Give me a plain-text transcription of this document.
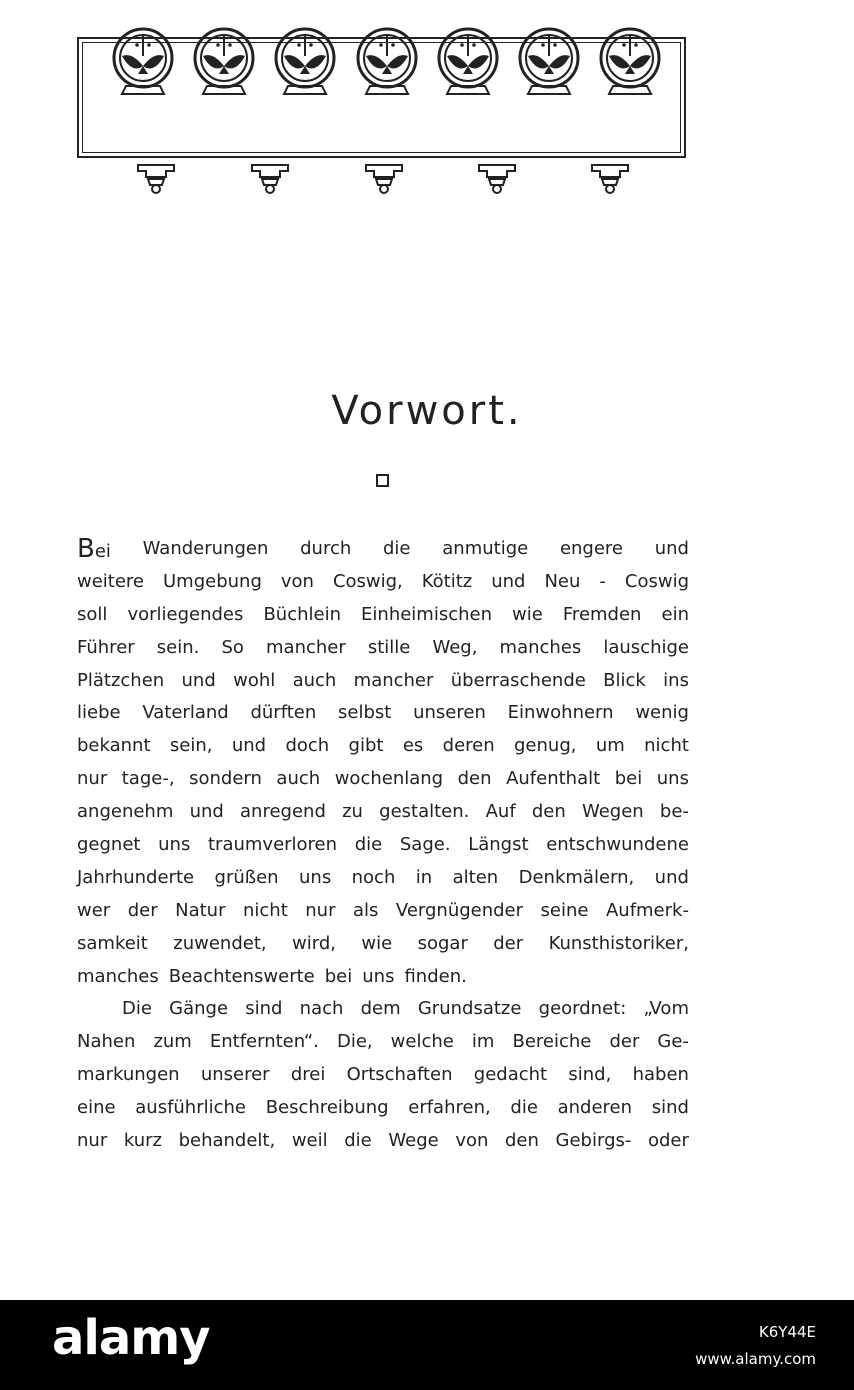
Vorwort.
Bei Wanderungen durch die anmutige engere und
weitere Umgebung von Coswig, Kötitz und Neu - Coswig
soll vorliegendes Büchlein Einheimischen wie Fremden ein
Führer sein. So mancher stille Weg, manches lauschige
Plätzchen und wohl auch mancher überraschende Blick ins
liebe Vaterland dürften selbst unseren Einwohnern wenig
bekannt sein, und doch gibt es deren genug, um nicht
nur tage-, sondern auch wochenlang den Aufenthalt bei uns
angenehm und anregend zu gestalten. Auf den Wegen be-
gegnet uns traumverloren die Sage. Längst entschwundene
Jahrhunderte grüßen uns noch in alten Denkmälern, und
wer der Natur nicht nur als Vergnügender seine Aufmerk-
samkeit zuwendet, wird, wie sogar der Kunsthistoriker,
manches Beachtenswerte bei uns finden.
Die Gänge sind nach dem Grundsatze geordnet: „Vom
Nahen zum Entfernten“. Die, welche im Bereiche der Ge-
markungen unserer drei Ortschaften gedacht sind, haben
eine ausführliche Beschreibung erfahren, die anderen sind
nur kurz behandelt, weil die Wege von den Gebirgs- oder
alamy	K6Y44E
www.alamy.com
